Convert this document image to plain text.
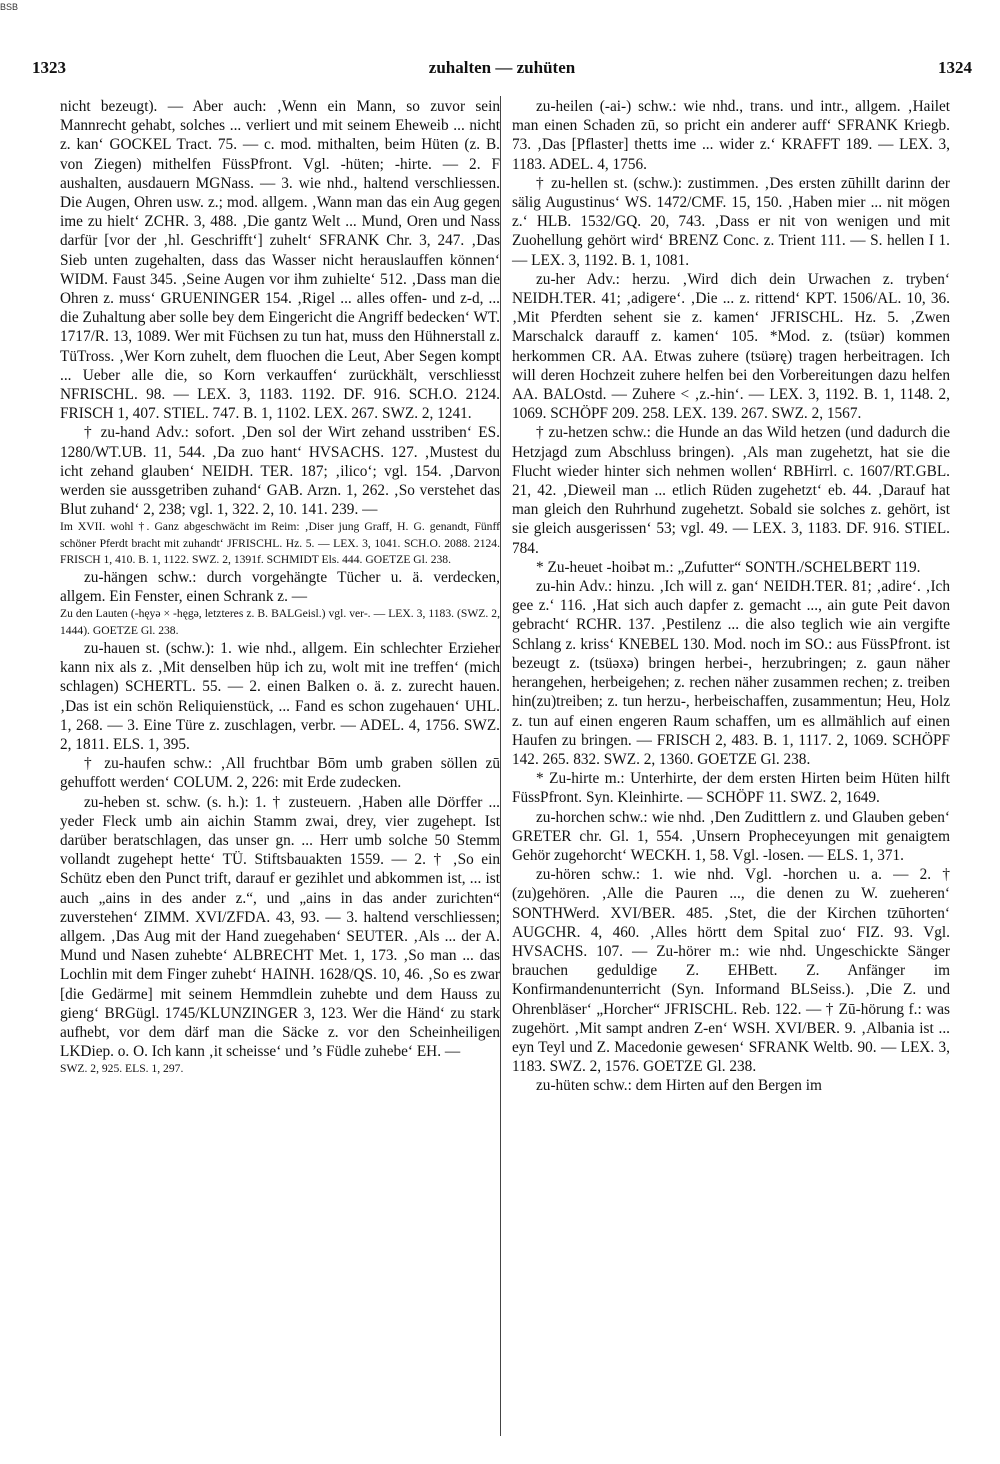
BSB
1323	zuhalten — zuhüten	1324

nicht bezeugt). — Aber auch: ‚Wenn ein Mann, so zuvor sein Mannrecht gehabt, solches ... verliert und mit seinem Eheweib ... nicht z. kan‘ GOCKEL Tract. 75. — c. mod. mithalten, beim Hüten (z. B. von Ziegen) mithelfen FüssPfront. Vgl. -hüten; -hirte. — 2. F aushalten, ausdauern MGNass. — 3. wie nhd., haltend verschliessen. Die Augen, Ohren usw. z.; mod. allgem. ‚Wann man das ein Aug gegen ime zu hielt‘ ZCHR. 3, 488. ‚Die gantz Welt ... Mund, Oren und Nass darfür [vor der ‚hl. Geschrifft‘] zuhelt‘ SFRANK Chr. 3, 247. ‚Das Sieb unten zugehalten, dass das Wasser nicht herauslauffen können‘ WIDM. Faust 345. ‚Seine Augen vor ihm zuhielte‘ 512. ‚Dass man die Ohren z. muss‘ GRUENINGER 154. ‚Rigel ... alles offen- und z-d, ... die Zuhaltung aber solle bey dem Eingericht die Angriff bedecken‘ WT. 1717/R. 13, 1089. Wer mit Füchsen zu tun hat, muss den Hühnerstall z. TüTross. ‚Wer Korn zuhelt, dem fluochen die Leut, Aber Segen kompt ... Ueber alle die, so Korn verkauffen‘ zurückhält, verschliesst NFRISCHL. 98. — LEX. 3, 1183. 1192. DF. 916. SCH.O. 2124. FRISCH 1, 407. STIEL. 747. B. 1, 1102. LEX. 267. SWZ. 2, 1241.

† zu-hand Adv.: sofort. ‚Den sol der Wirt zehand usstriben‘ ES. 1280/WT.UB. 11, 544. ‚Da zuo hant‘ HVSACHS. 127. ‚Mustest du icht zehand glauben‘ NEIDH. TER. 187; ‚ilico‘; vgl. 154. ‚Darvon werden sie aussgetriben zuhand‘ GAB. Arzn. 1, 262. ‚So verstehet das Blut zuhand‘ 2, 238; vgl. 1, 322. 2, 10. 141. 239. —

Im XVII. wohl †. Ganz abgeschwächt im Reim: ‚Diser jung Graff, H. G. genandt, Fünff schöner Pferdt bracht mit zuhandt‘ JFRISCHL. Hz. 5. — LEX. 3, 1041. SCH.O. 2088. 2124. FRISCH 1, 410. B. 1, 1122. SWZ. 2, 1391f. SCHMIDT Els. 444. GOETZE Gl. 238.

zu-hängen schw.: durch vorgehängte Tücher u. ä. verdecken, allgem. Ein Fenster, einen Schrank z. —

Zu den Lauten (-hęyə × -hęgə, letzteres z. B. BALGeisl.) vgl. ver-. — LEX. 3, 1183. (SWZ. 2, 1444). GOETZE Gl. 238.

zu-hauen st. (schw.): 1. wie nhd., allgem. Ein schlechter Erzieher kann nix als z. ‚Mit denselben hüp ich zu, wolt mit ine treffen‘ (mich schlagen) SCHERTL. 55. — 2. einen Balken o. ä. z. zurecht hauen. ‚Das ist ein schön Reliquienstück, ... Fand es schon zugehauen‘ UHL. 1, 268. — 3. Eine Türe z. zuschlagen, verbr. — ADEL. 4, 1756. SWZ. 2, 1811. ELS. 1, 395.

† zu-haufen schw.: ‚All fruchtbar Bōm umb graben söllen zū gehuffott werden‘ COLUM. 2, 226: mit Erde zudecken.

zu-heben st. schw. (s. h.): 1. † zusteuern. ‚Haben alle Dörffer ... yeder Fleck umb ain aichin Stamm zwai, drey, vier zugehept. Ist darüber beratschlagen, das unser gn. ... Herr umb solche 50 Stemm vollandt zugehept hette‘ TÜ. Stiftsbauakten 1559. — 2. † ‚So ein Schütz eben den Punct trift, darauf er gezihlet und abkommen ist, ... ist auch „ains in des ander z.“, und „ains in das ander zurichten“ zuverstehen‘ ZIMM. XVI/ZFDA. 43, 93. — 3. haltend verschliessen; allgem. ‚Das Aug mit der Hand zuegehaben‘ SEUTER. ‚Als ... der A. Mund und Nasen zuhebte‘ ALBRECHT Met. 1, 173. ‚So man ... das Lochlin mit dem Finger zuhebt‘ HAINH. 1628/QS. 10, 46. ‚So es zwar [die Gedärme] mit seinem Hemmdlein zuhebte und dem Hauss zu gieng‘ BRGügl. 1745/KLUNZINGER 3, 123. Wer die Händ‘ zu stark aufhebt, vor dem därf man die Säcke z. vor den Scheinheiligen LKDiep. o. O. Ich kann ‚it scheisse‘ und ’s Füdle zuhebe‘ EH. —

SWZ. 2, 925. ELS. 1, 297.

zu-heilen (-ai-) schw.: wie nhd., trans. und intr., allgem. ‚Hailet man einen Schaden zū, so pricht ein anderer auff‘ SFRANK Kriegb. 73. ‚Das [Pflaster] thetts ime ... wider z.‘ KRAFFT 189. — LEX. 3, 1183. ADEL. 4, 1756.

† zu-hellen st. (schw.): zustimmen. ‚Des ersten zūhillt darinn der sälig Augustinus‘ WS. 1472/CMF. 15, 150. ‚Haben mier ... nit mögen z.‘ HLB. 1532/GQ. 20, 743. ‚Dass er nit von wenigen und mit Zuohellung gehört wird‘ BRENZ Conc. z. Trient 111. — S. hellen I 1. — LEX. 3, 1192. B. 1, 1081.

zu-her Adv.: herzu. ‚Wird dich dein Urwachen z. tryben‘ NEIDH.TER. 41; ‚adigere‘. ‚Die ... z. rittend‘ KPT. 1506/AL. 10, 36. ‚Mit Pferdten sehent sie z. kamen‘ JFRISCHL. Hz. 5. ‚Zwen Marschalck darauff z. kamen‘ 105. *Mod. z. (tsüər) kommen herkommen CR. AA. Etwas zuhere (tsüərę) tragen herbeitragen. Ich will deren Hochzeit zuhere helfen bei den Vorbereitungen dazu helfen AA. BALOstd. — Zuhere < ‚z.-hin‘. — LEX. 3, 1192. B. 1, 1148. 2, 1069. SCHÖPF 209. 258. LEX. 139. 267. SWZ. 2, 1567.

† zu-hetzen schw.: die Hunde an das Wild hetzen (und dadurch die Hetzjagd zum Abschluss bringen). ‚Als man zugehetzt, hat sie die Flucht wieder hinter sich nehmen wollen‘ RBHirrl. c. 1607/RT.GBL. 21, 42. ‚Dieweil man ... etlich Rüden zugehetzt‘ eb. 44. ‚Darauf hat man gleich den Ruhrhund zugehetzt. Sobald sie solches z. gehört, ist sie gleich ausgerissen‘ 53; vgl. 49. — LEX. 3, 1183. DF. 916. STIEL. 784.

* Zu-heuet -hoibət m.: „Zufutter“ SONTH./SCHELBERT 119.

zu-hin Adv.: hinzu. ‚Ich will z. gan‘ NEIDH.TER. 81; ‚adire‘. ‚Ich gee z.‘ 116. ‚Hat sich auch dapfer z. gemacht ..., ain gute Peit davon gebracht‘ RCHR. 137. ‚Pestilenz ... die also teglich wie ain vergifte Schlang z. kriss‘ KNEBEL 130. Mod. noch im SO.: aus FüssPfront. ist bezeugt z. (tsüəxə) bringen herbei-, herzubringen; z. gaun näher herangehen, herbeigehen; z. rechen näher zusammen rechen; z. treiben hin(zu)treiben; z. tun herzu-, herbeischaffen, zusammentun; Heu, Holz z. tun auf einen engeren Raum schaffen, um es allmählich auf einen Haufen zu bringen. — FRISCH 2, 483. B. 1, 1117. 2, 1069. SCHÖPF 142. 265. 832. SWZ. 2, 1360. GOETZE Gl. 238.

* Zu-hirte m.: Unterhirte, der dem ersten Hirten beim Hüten hilft FüssPfront. Syn. Kleinhirte. — SCHÖPF 11. SWZ. 2, 1649.

zu-horchen schw.: wie nhd. ‚Den Zudittlern z. und Glauben geben‘ GRETER chr. Gl. 1, 554. ‚Unsern Propheceyungen mit genaigtem Gehör zugehorcht‘ WECKH. 1, 58. Vgl. -losen. — ELS. 1, 371.

zu-hören schw.: 1. wie nhd. Vgl. -horchen u. a. — 2. † (zu)gehören. ‚Alle die Pauren ..., die denen zu W. zueheren‘ SONTHWerd. XVI/BER. 485. ‚Stet, die der Kirchen tzūhorten‘ AUGCHR. 4, 460. ‚Alles hörtt dem Spital zuo‘ FIZ. 93. Vgl. HVSACHS. 107. — Zu-hörer m.: wie nhd. Ungeschickte Sänger brauchen geduldige Z. EHBett. Z. Anfänger im Konfirmandenunterricht (Syn. Informand BLSeiss.). ‚Die Z. und Ohrenbläser‘ „Horcher“ JFRISCHL. Reb. 122. — † Zū-hörung f.: was zugehört. ‚Mit sampt andren Z-en‘ WSH. XVI/BER. 9. ‚Albania ist ... eyn Teyl und Z. Macedonie gewesen‘ SFRANK Weltb. 90. — LEX. 3, 1183. SWZ. 2, 1576. GOETZE Gl. 238.

zu-hüten schw.: dem Hirten auf den Bergen im
